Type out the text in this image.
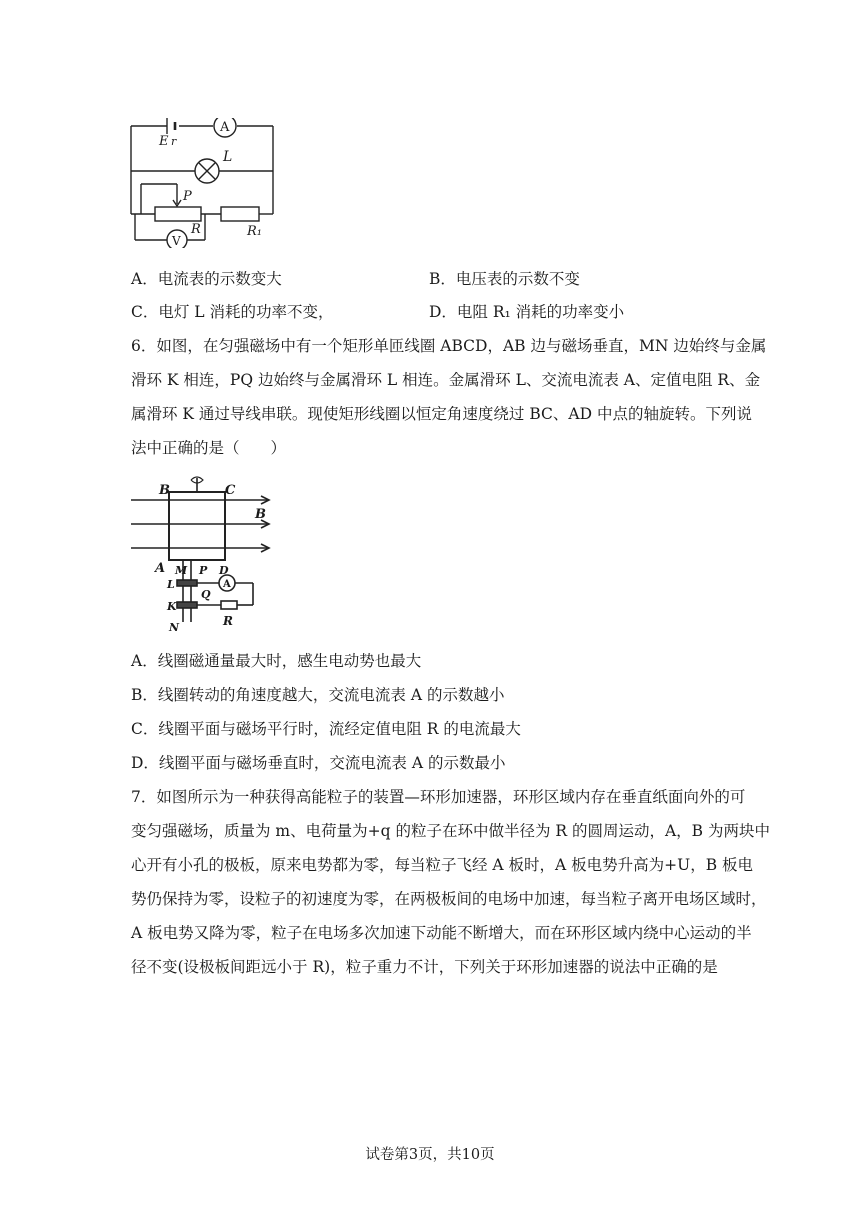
E r
A
L
P
V
R	R₁
A．电流表的示数变大	B．电压表的示数不变
C．电灯 L 消耗的功率不变，	D．电阻 R₁ 消耗的功率变小
6．如图，在匀强磁场中有一个矩形单匝线圈 ABCD，AB 边与磁场垂直，MN 边始终与金属
滑环 K 相连，PQ 边始终与金属滑环 L 相连。金属滑环 L、交流电流表 A、定值电阻 R、金
属滑环 K 通过导线串联。现使矩形线圈以恒定角速度绕过 BC、AD 中点的轴旋转。下列说
法中正确的是（　　）
B	C
B
A M P D
L
Q
K
N
A
R
A．线圈磁通量最大时，感生电动势也最大
B．线圈转动的角速度越大，交流电流表 A 的示数越小
C．线圈平面与磁场平行时，流经定值电阻 R 的电流最大
D．线圈平面与磁场垂直时，交流电流表 A 的示数最小
7．如图所示为一种获得高能粒子的装置—环形加速器，环形区域内存在垂直纸面向外的可
变匀强磁场，质量为 m、电荷量为+q 的粒子在环中做半径为 R 的圆周运动，A，B 为两块中
心开有小孔的极板，原来电势都为零，每当粒子飞经 A 板时，A 板电势升高为+U，B 板电
势仍保持为零，设粒子的初速度为零，在两极板间的电场中加速，每当粒子离开电场区域时，
A 板电势又降为零，粒子在电场多次加速下动能不断增大，而在环形区域内绕中心运动的半
径不变(设极板间距远小于 R)，粒子重力不计，下列关于环形加速器的说法中正确的是
试卷第3页，共10页
